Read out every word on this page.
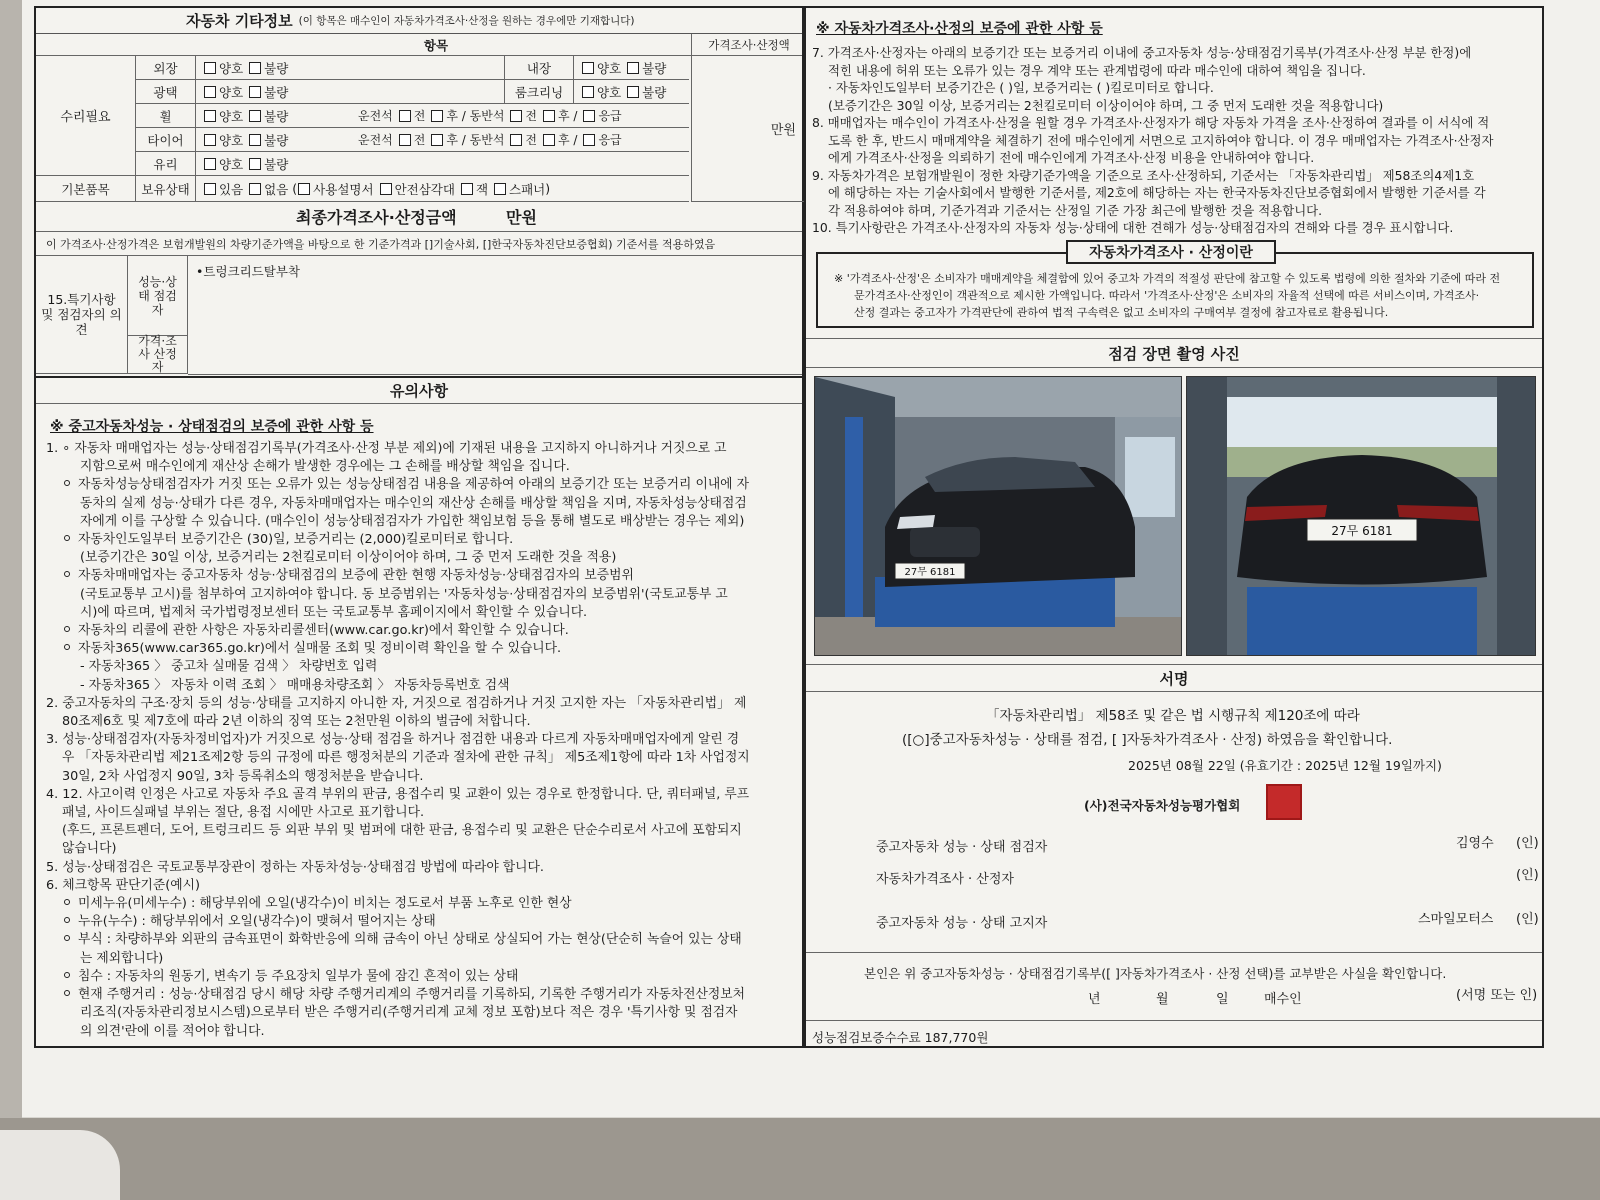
자동차 기타정보 (이 항목은 매수인이 자동차가격조사·산정을 원하는 경우에만 기재합니다)
항목	가격조사·산정액
수리필요
만원
외장	양호 불량	내장	양호 불량
광택	양호 불량	룸크리닝	양호 불량
휠	양호 불량	운전석 전 후 / 동반석 전 후 / 응급
타이어	양호 불량	운전석 전 후 / 동반석 전 후 / 응급
유리	양호 불량
기본품목	보유상태	있음 없음 ( 사용설명서 안전삼각대 잭 스패너 )
최종가격조사·산정금액	만원
이 가격조사·산정가격은 보험개발원의 차량기준가액을 바탕으로 한 기준가격과 [ ]기술사회, [ ]한국자동차진단보증협회) 기준서를 적용하였음
15.특기사항 및 점검자의 의견
성능·상태 점검자
•트렁크리드탈부착
가격·조사 산정자
유의사항
※ 중고자동차성능 · 상태점검의 보증에 관한 사항 등

1. ∘ 자동차 매매업자는 성능·상태점검기록부(가격조사·산정 부분 제외)에 기재된 내용을 고지하지 아니하거나 거짓으로 고

지함으로써 매수인에게 재산상 손해가 발생한 경우에는 그 손해를 배상할 책임을 집니다.

자동차성능상태점검자가 거짓 또는 오류가 있는 성능상태점검 내용을 제공하여 아래의 보증기간 또는 보증거리 이내에 자

동차의 실제 성능·상태가 다른 경우, 자동차매매업자는 매수인의 재산상 손해를 배상할 책임을 지며, 자동차성능상태점검

자에게 이를 구상할 수 있습니다. (매수인이 성능상태점검자가 가입한 책임보험 등을 통해 별도로 배상받는 경우는 제외)

자동차인도일부터 보증기간은 (30)일, 보증거리는 (2,000)킬로미터로 합니다.

(보증기간은 30일 이상, 보증거리는 2천킬로미터 이상이어야 하며, 그 중 먼저 도래한 것을 적용)

자동차매매업자는 중고자동차 성능·상태점검의 보증에 관한 현행 자동차성능·상태점검자의 보증범위

(국토교통부 고시)를 첨부하여 고지하여야 합니다. 동 보증범위는 '자동차성능·상태점검자의 보증범위'(국토교통부 고

시)에 따르며, 법제처 국가법령정보센터 또는 국토교통부 홈페이지에서 확인할 수 있습니다.

자동차의 리콜에 관한 사항은 자동차리콜센터(www.car.go.kr)에서 확인할 수 있습니다.

자동차365(www.car365.go.kr)에서 실매물 조회 및 정비이력 확인을 할 수 있습니다.

- 자동차365 〉 중고차 실매물 검색 〉 차량번호 입력

- 자동차365 〉 자동차 이력 조회 〉 매매용차량조회 〉 자동차등록번호 검색

2. 중고자동차의 구조·장치 등의 성능·상태를 고지하지 아니한 자, 거짓으로 점검하거나 거짓 고지한 자는 「자동차관리법」 제

80조제6호 및 제7호에 따라 2년 이하의 징역 또는 2천만원 이하의 벌금에 처합니다.

3. 성능·상태점검자(자동차정비업자)가 거짓으로 성능·상태 점검을 하거나 점검한 내용과 다르게 자동차매매업자에게 알린 경

우 「자동차관리법 제21조제2항 등의 규정에 따른 행정처분의 기준과 절차에 관한 규칙」 제5조제1항에 따라 1차 사업정지

30일, 2차 사업정지 90일, 3차 등록취소의 행정처분을 받습니다.

4. 12. 사고이력 인정은 사고로 자동차 주요 골격 부위의 판금, 용접수리 및 교환이 있는 경우로 한정합니다. 단, 쿼터패널, 루프

패널, 사이드실패널 부위는 절단, 용접 시에만 사고로 표기합니다.

(후드, 프론트펜더, 도어, 트렁크리드 등 외판 부위 및 범퍼에 대한 판금, 용접수리 및 교환은 단순수리로서 사고에 포함되지

않습니다)

5. 성능·상태점검은 국토교통부장관이 정하는 자동차성능·상태점검 방법에 따라야 합니다.

6. 체크항목 판단기준(예시)

미세누유(미세누수) : 해당부위에 오일(냉각수)이 비치는 정도로서 부품 노후로 인한 현상

누유(누수) : 해당부위에서 오일(냉각수)이 맺혀서 떨어지는 상태

부식 : 차량하부와 외판의 금속표면이 화학반응에 의해 금속이 아닌 상태로 상실되어 가는 현상(단순히 녹슬어 있는 상태

는 제외합니다)

침수 : 자동차의 원동기, 변속기 등 주요장치 일부가 물에 잠긴 흔적이 있는 상태

현재 주행거리 : 성능·상태점검 당시 해당 차량 주행거리계의 주행거리를 기록하되, 기록한 주행거리가 자동차전산정보처

리조직(자동차관리정보시스템)으로부터 받은 주행거리(주행거리계 교체 정보 포함)보다 적은 경우 '특기사항 및 점검자

의 의견'란에 이를 적어야 합니다.

※ 자동차가격조사·산정의 보증에 관한 사항 등

7. 가격조사·산정자는 아래의 보증기간 또는 보증거리 이내에 중고자동차 성능·상태점검기록부(가격조사·산정 부분 한정)에

적힌 내용에 허위 또는 오류가 있는 경우 계약 또는 관계법령에 따라 매수인에 대하여 책임을 집니다.

· 자동차인도일부터 보증기간은 ( )일, 보증거리는 ( )킬로미터로 합니다.

(보증기간은 30일 이상, 보증거리는 2천킬로미터 이상이어야 하며, 그 중 먼저 도래한 것을 적용합니다)

8. 매매업자는 매수인이 가격조사·산정을 원할 경우 가격조사·산정자가 해당 자동차 가격을 조사·산정하여 결과를 이 서식에 적

도록 한 후, 반드시 매매계약을 체결하기 전에 매수인에게 서면으로 고지하여야 합니다. 이 경우 매매업자는 가격조사·산정자

에게 가격조사·산정을 의뢰하기 전에 매수인에게 가격조사·산정 비용을 안내하여야 합니다.

9. 자동차가격은 보험개발원이 정한 차량기준가액을 기준으로 조사·산정하되, 기준서는 「자동차관리법」 제58조의4제1호

에 해당하는 자는 기술사회에서 발행한 기준서를, 제2호에 해당하는 자는 한국자동차진단보증협회에서 발행한 기준서를 각

각 적용하여야 하며, 기준가격과 기준서는 산정일 기준 가장 최근에 발행한 것을 적용합니다.

10. 특기사항란은 가격조사·산정자의 자동차 성능·상태에 대한 견해가 성능·상태점검자의 견해와 다를 경우 표시합니다.

자동차가격조사 · 산정이란

※ '가격조사·산정'은 소비자가 매매계약을 체결함에 있어 중고차 가격의 적절성 판단에 참고할 수 있도록 법령에 의한 절차와 기준에 따라 전

문가격조사·산정인이 객관적으로 제시한 가액입니다. 따라서 '가격조사·산정'은 소비자의 자율적 선택에 따른 서비스이며, 가격조사·

산정 결과는 중고자가 가격판단에 관하여 법적 구속력은 없고 소비자의 구매여부 결정에 참고자료로 활용됩니다.

점검 장면 촬영 사진
27무 6181
27무 6181
서명
「자동차관리법」 제58조 및 같은 법 시행규칙 제120조에 따라
([○]중고자동차성능 · 상태를 점검, [ ]자동차가격조사 · 산정) 하였음을 확인합니다.
2025년 08월 22일 (유효기간 : 2025년 12월 19일까지)
(사)전국자동차성능평가협회
중고자동차 성능 · 상태 점검자	김영수 (인)
자동차가격조사 · 산정자	(인)
중고자동차 성능 · 상태 고지자	스마일모터스 (인)
본인은 위 중고자동차성능 · 상태점검기록부([ ]자동차가격조사 · 산정 선택)를 교부받은 사실을 확인합니다.
년	월	일	매수인	(서명 또는 인)
성능점검보증수수료 187,770원
